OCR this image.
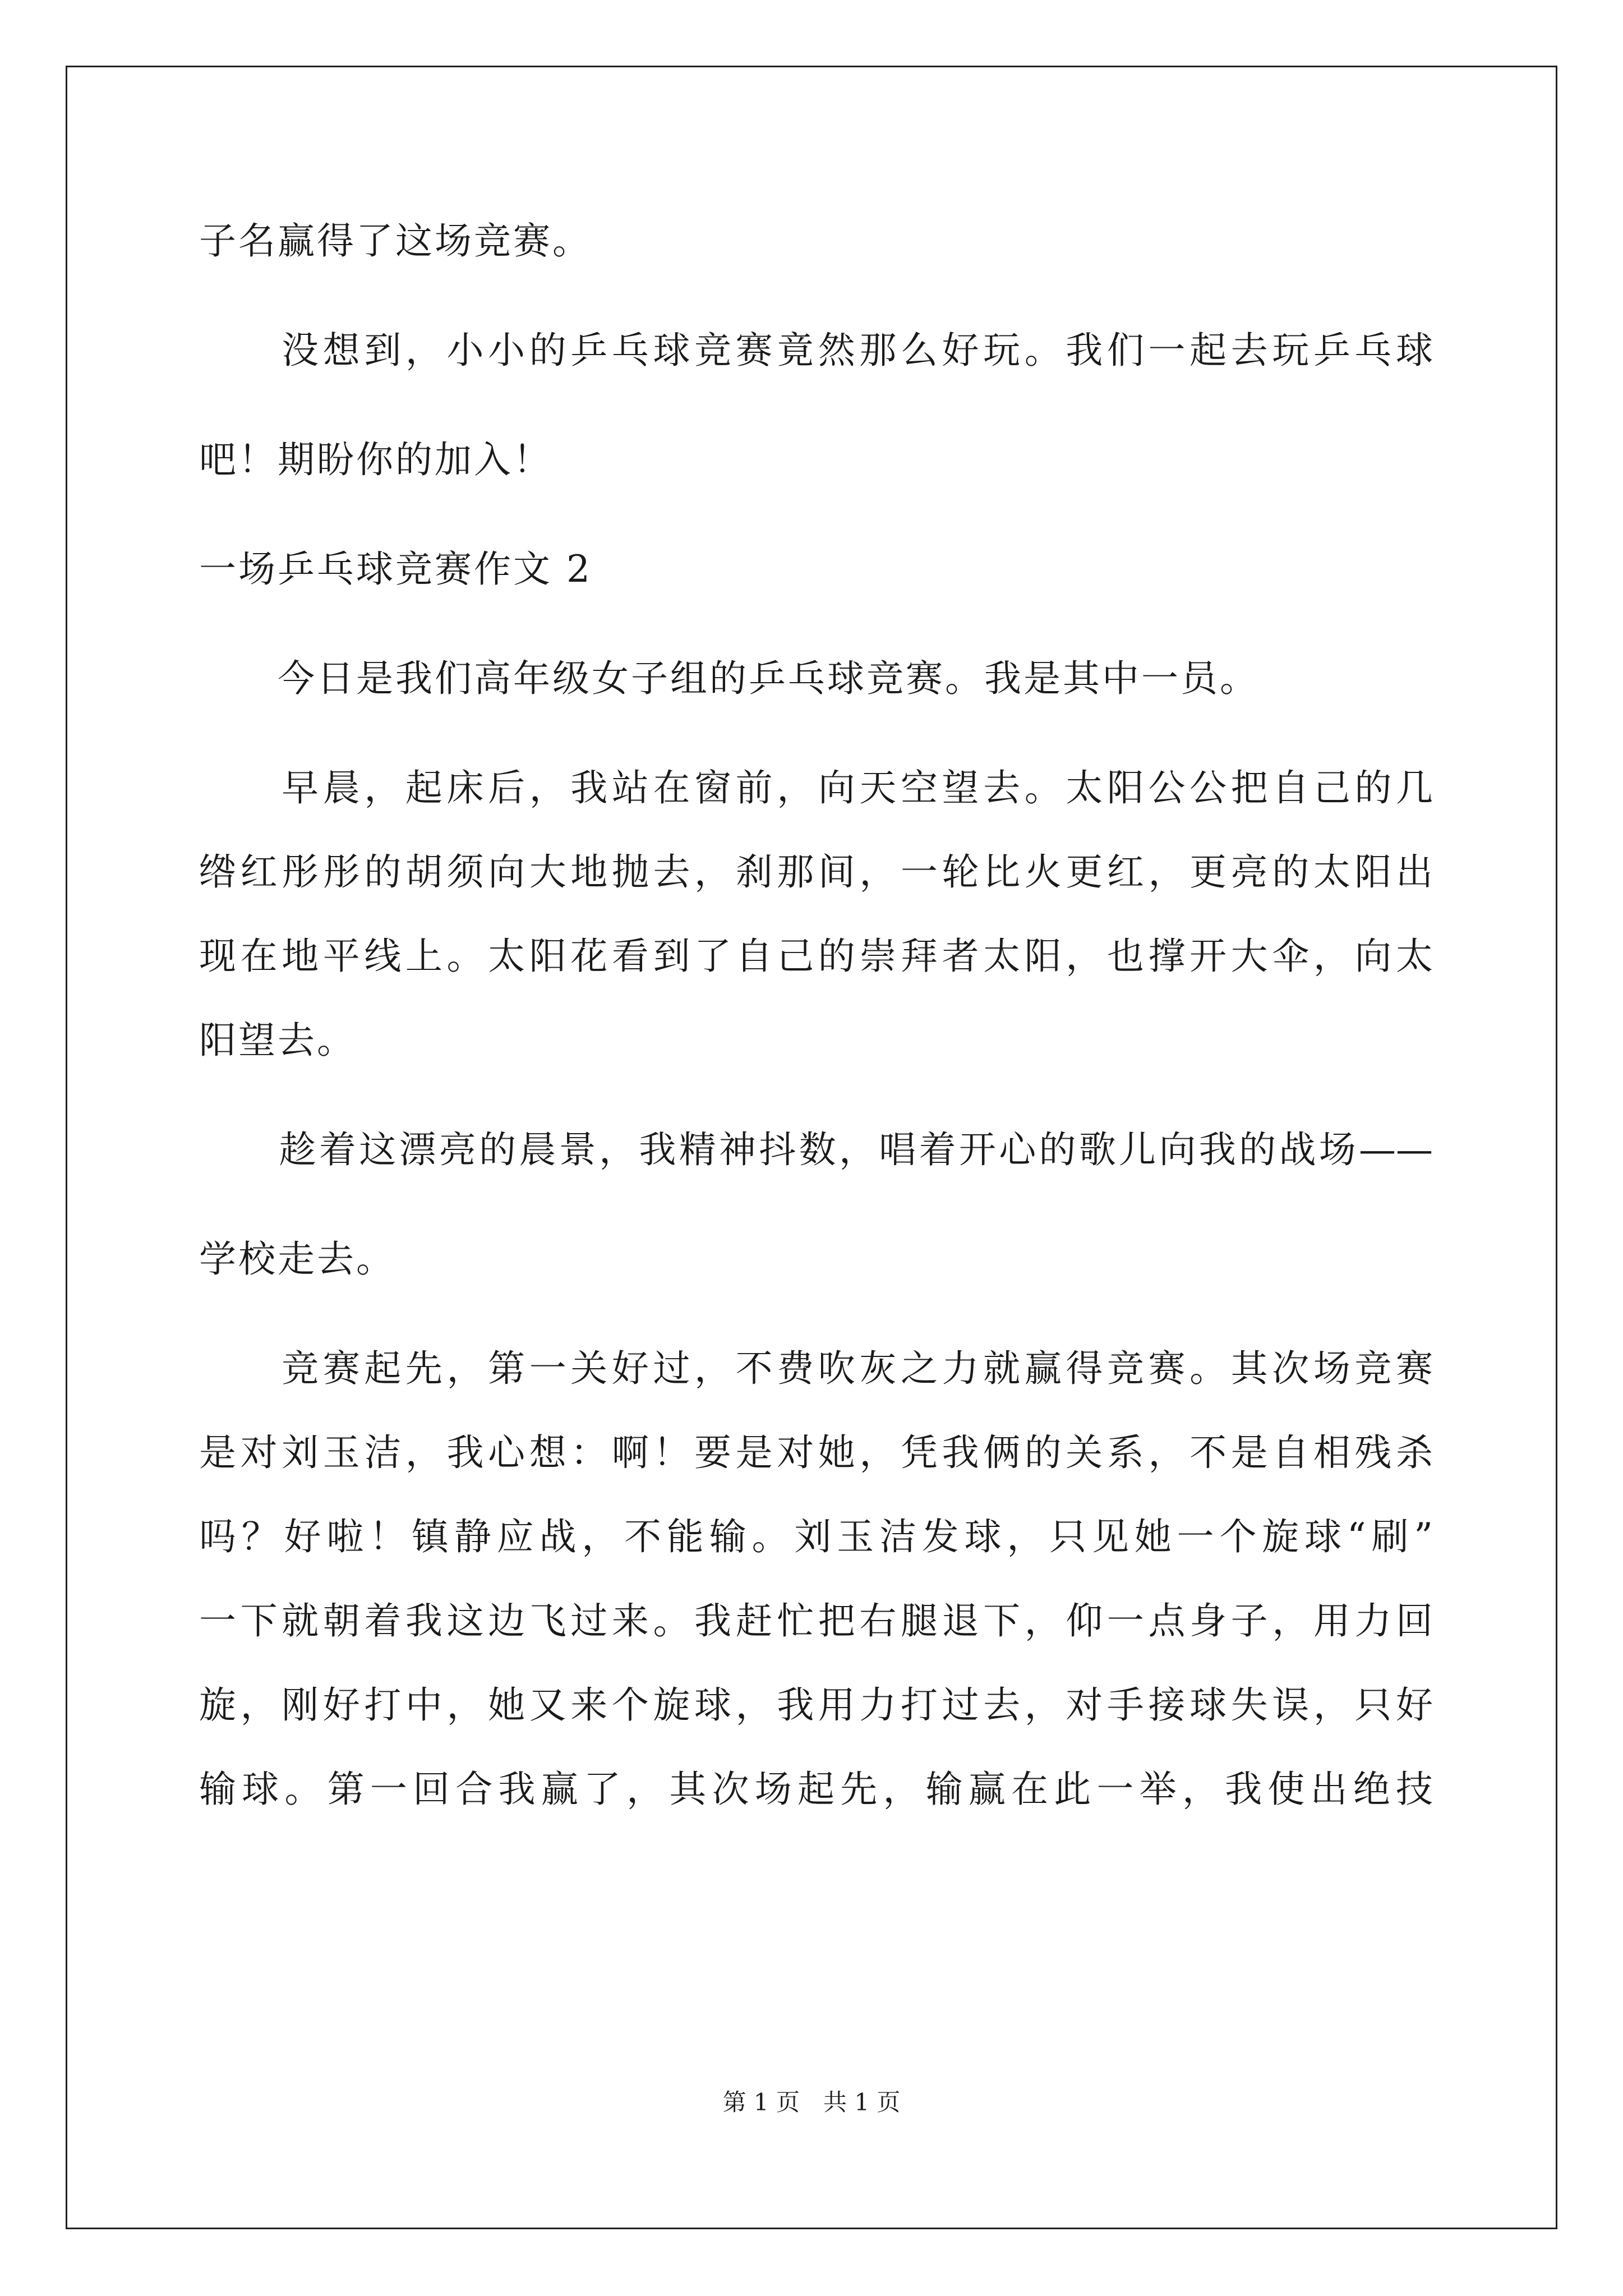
子名赢得了这场竞赛。
　　没想到，小小的乒乓球竞赛竟然那么好玩。我们一起去玩乒乓球
吧！期盼你的加入！
一场乒乓球竞赛作文 2
　　今日是我们高年级女子组的乒乓球竞赛。我是其中一员。
　　早晨，起床后，我站在窗前，向天空望去。太阳公公把自己的几
绺红彤彤的胡须向大地抛去，刹那间，一轮比火更红，更亮的太阳出
现在地平线上。太阳花看到了自己的崇拜者太阳，也撑开大伞，向太
阳望去。
　　趁着这漂亮的晨景，我精神抖数，唱着开心的歌儿向我的战场——
学校走去。
　　竞赛起先，第一关好过，不费吹灰之力就赢得竞赛。其次场竞赛
是对刘玉洁，我心想：啊！要是对她，凭我俩的关系，不是自相残杀
吗？好啦！镇静应战，不能输。刘玉洁发球，只见她一个旋球“刷”
一下就朝着我这边飞过来。我赶忙把右腿退下，仰一点身子，用力回
旋，刚好打中，她又来个旋球，我用力打过去，对手接球失误，只好
输球。第一回合我赢了，其次场起先，输赢在此一举，我使出绝技
第 1 页　共 1 页
